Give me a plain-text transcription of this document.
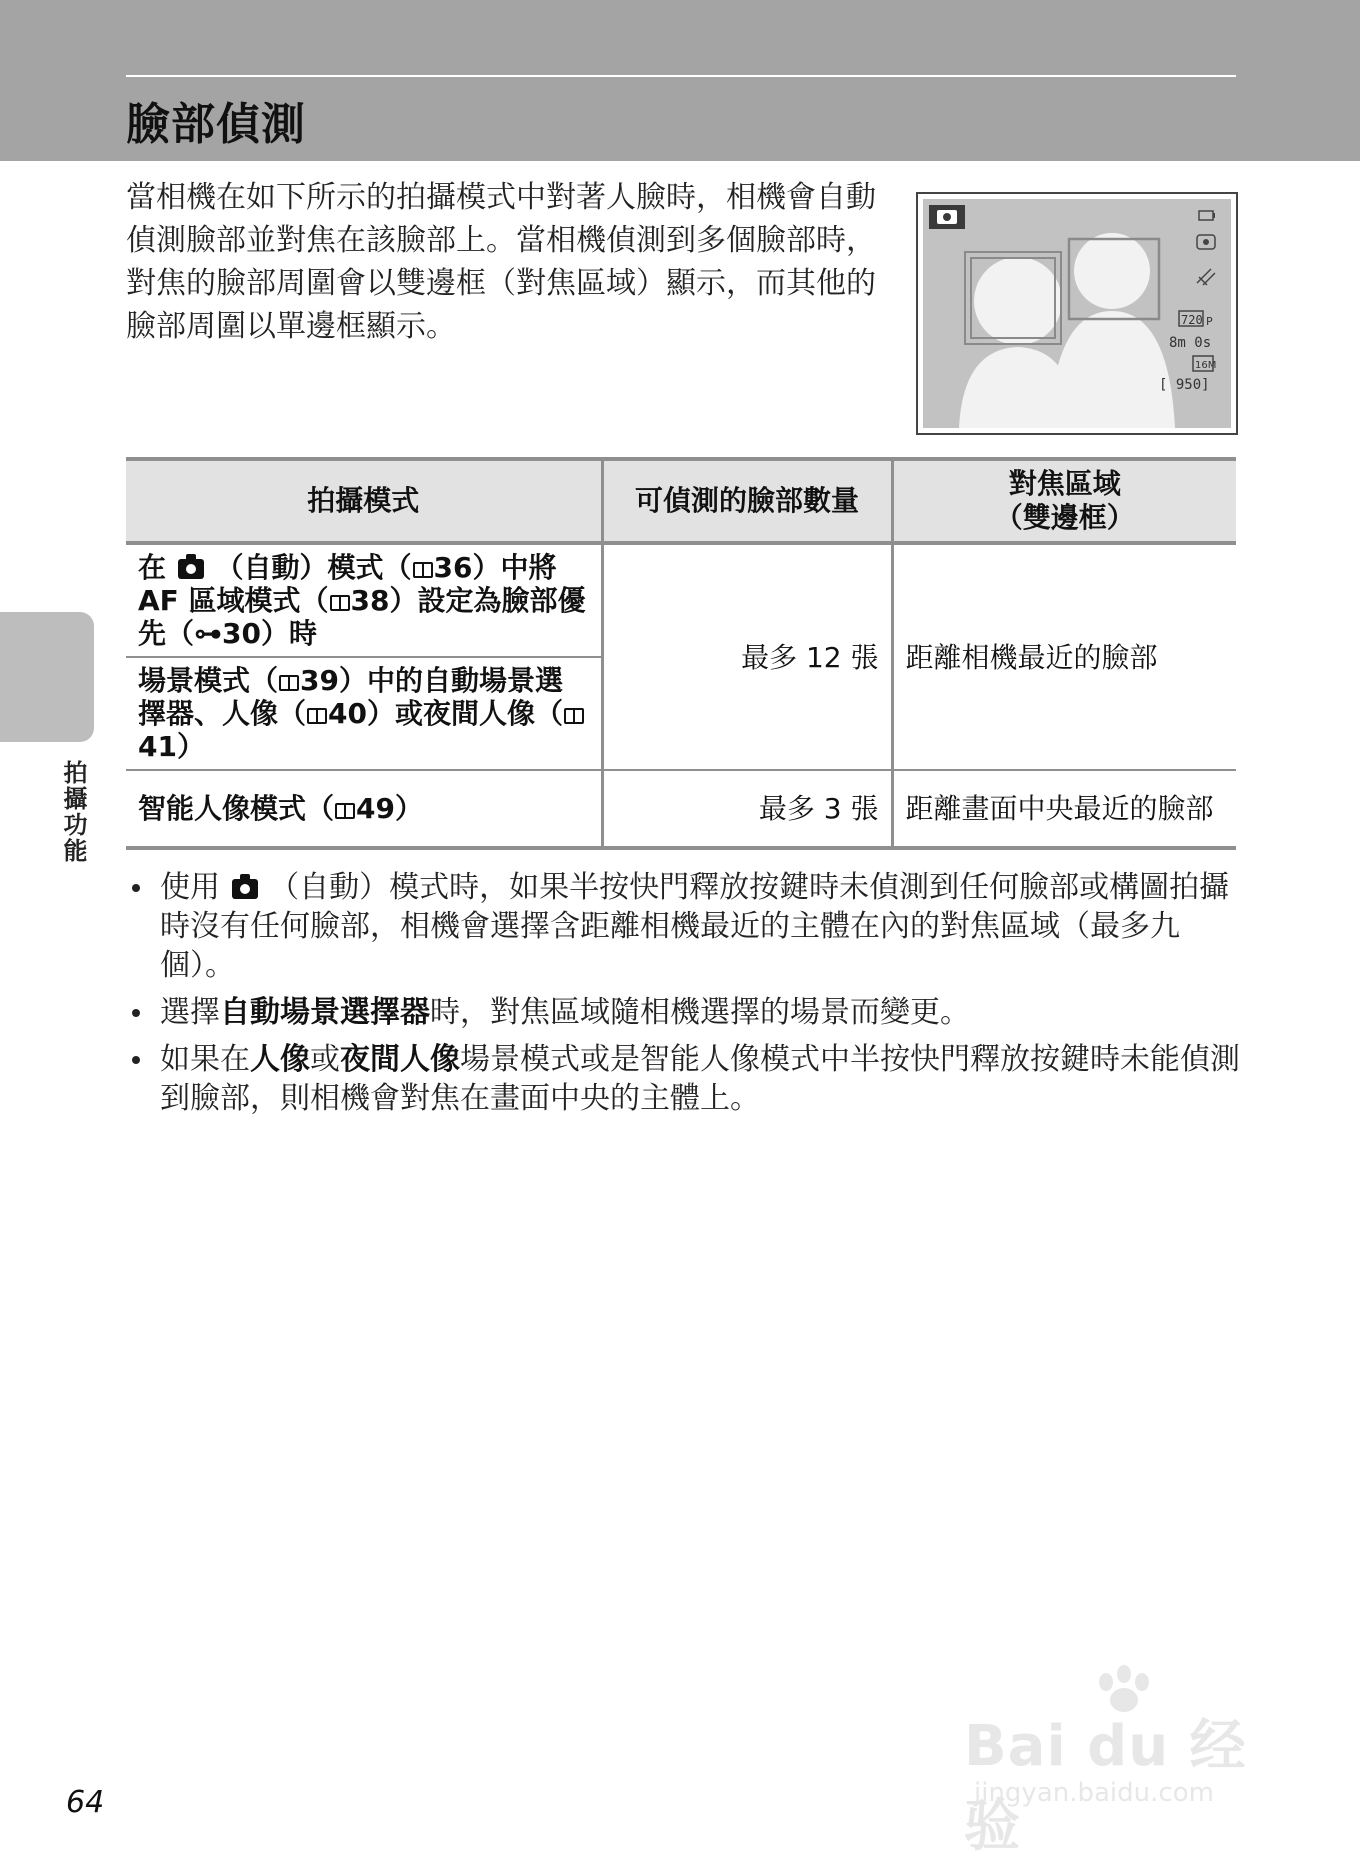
臉部偵測

當相機在如下所示的拍攝模式中對著人臉時，相機會自動偵測臉部並對焦在該臉部上。當相機偵測到多個臉部時，對焦的臉部周圍會以雙邊框（對焦區域）顯示，而其他的臉部周圍以單邊框顯示。	720 P
8m 0s
16M
[ 950]
拍攝功能
拍攝模式	可偵測的臉部數量	對焦區域
（雙邊框）

在 （自動）模式（ 36）中將 AF 區域模式（ 38）設定為臉部優先（⊶30）時	最多 12 張	距離相機最近的臉部
場景模式（ 39）中的自動場景選擇器、人像（ 40）或夜間人像（41）		
智能人像模式（ 49）	最多 3 張	距離畫面中央最近的臉部
使用 （自動）模式時，如果半按快門釋放按鍵時未偵測到任何臉部或構圖拍攝時沒有任何臉部，相機會選擇含距離相機最近的主體在內的對焦區域（最多九個）。
選擇自動場景選擇器時，對焦區域隨相機選擇的場景而變更。
如果在人像或夜間人像場景模式或是智能人像模式中半按快門釋放按鍵時未能偵測到臉部，則相機會對焦在畫面中央的主體上。
64
Bai du 经验
jingyan.baidu.com
